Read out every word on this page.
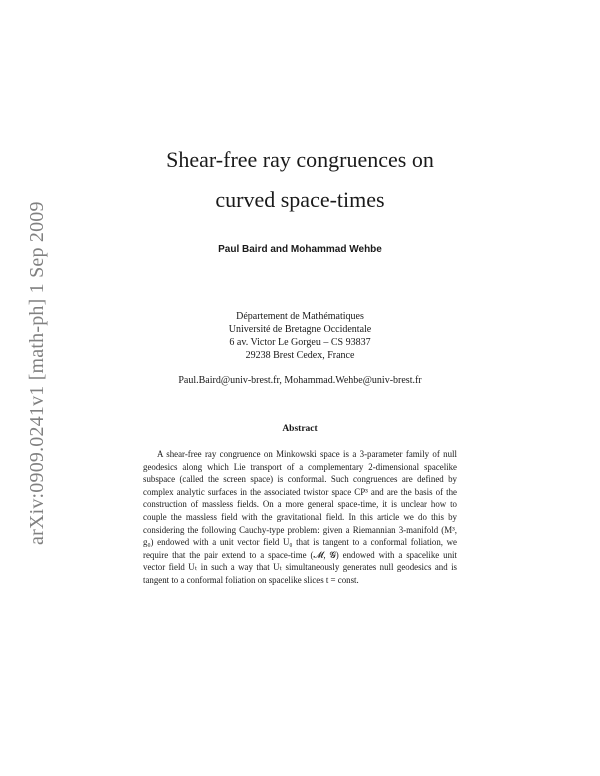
arXiv:0909.0241v1 [math-ph] 1 Sep 2009
Shear-free ray congruences on
curved space-times
Paul Baird and Mohammad Wehbe
Département de Mathématiques
Université de Bretagne Occidentale
6 av. Victor Le Gorgeu – CS 93837
29238 Brest Cedex, France
Paul.Baird@univ-brest.fr, Mohammad.Wehbe@univ-brest.fr
Abstract

A shear-free ray congruence on Minkowski space is a 3-parameter family of null geodesics along which Lie transport of a complementary 2-dimensional spacelike subspace (called the screen space) is conformal. Such congruences are defined by complex analytic surfaces in the associated twistor space CP³ and are the basis of the construction of massless fields. On a more general space-time, it is unclear how to couple the massless field with the gravitational field. In this article we do this by considering the following Cauchy-type problem: given a Riemannian 3-manifold (M³, g₀) endowed with a unit vector field U₀ that is tangent to a conformal foliation, we require that the pair extend to a space-time (𝓜, 𝓖) endowed with a spacelike unit vector field Uₜ in such a way that Uₜ simultaneously generates null geodesics and is tangent to a conformal foliation on spacelike slices t = const.
